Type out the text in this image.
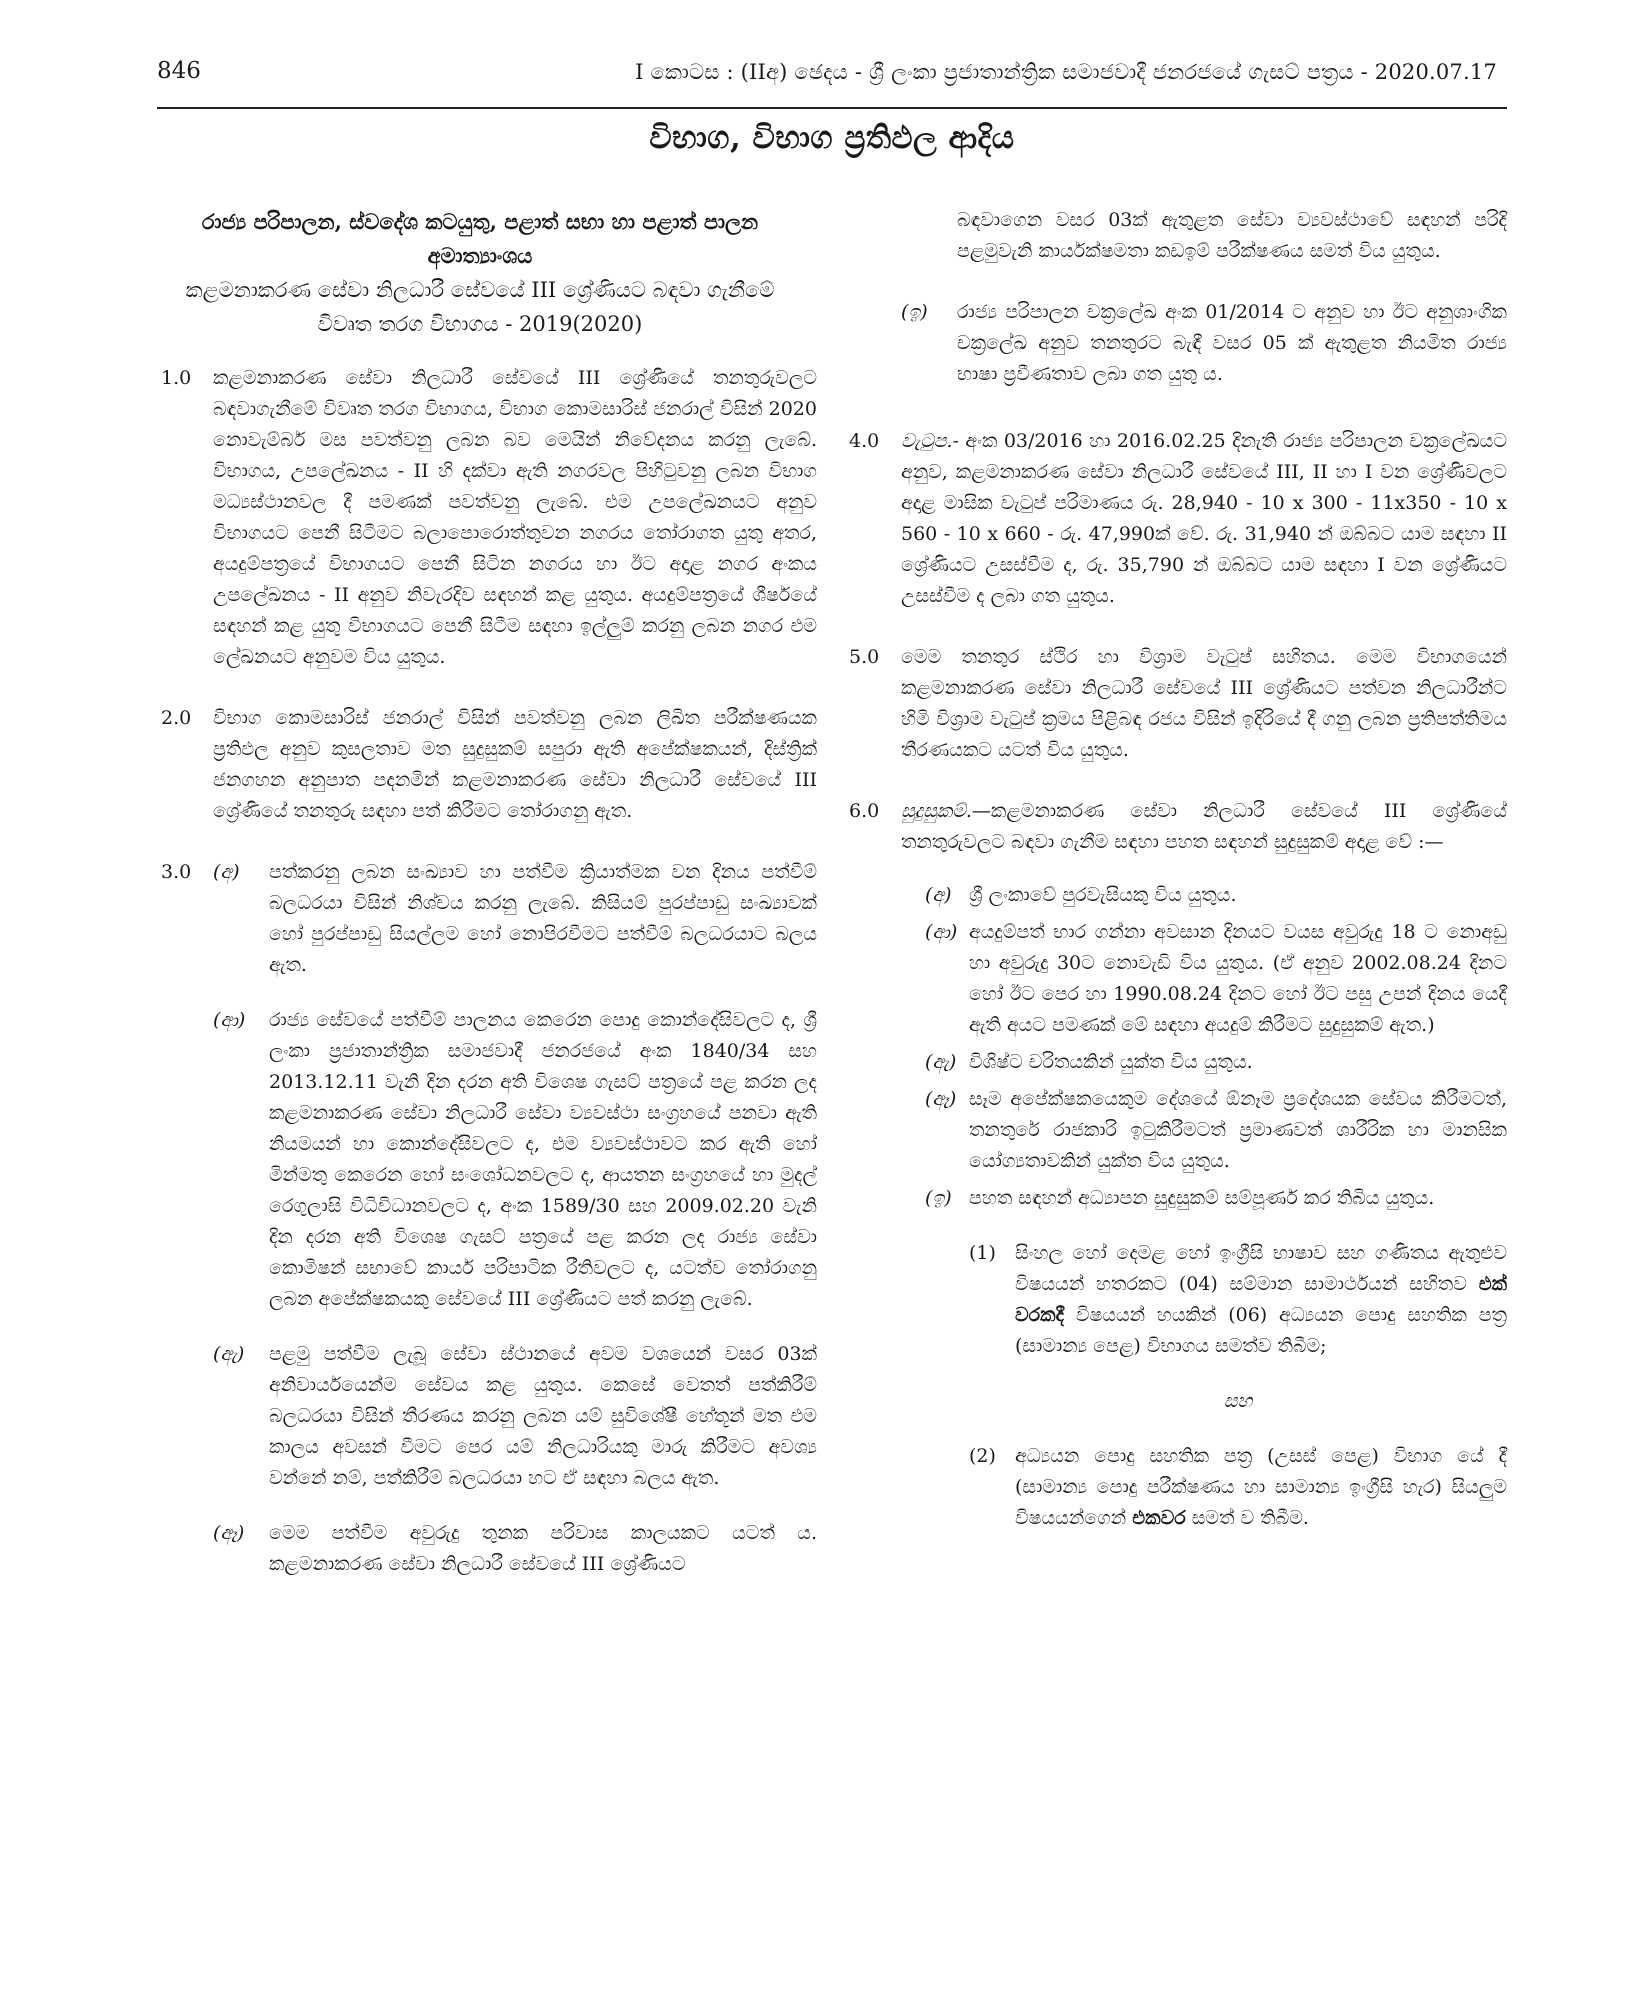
846	I කොටස : (IIඅ) ඡෙදය - ශ්‍රී ලංකා ප්‍රජාතාන්ත්‍රික සමාජවාදී ජනරජයේ ගැසට් පත්‍රය - 2020.07.17
විභාග, විභාග ප්‍රතිඵල ආදිය

රාජ්‍ය පරිපාලන, ස්වදේශ කටයුතු, පළාත් සභා හා පළාත් පාලන අමාත්‍යාංශය

කළමනාකරණ සේවා නිලධාරී සේවයේ III ශ්‍රේණියට බඳවා ගැනීමේ විවෘත තරග විභාගය - 2019(2020)

1.0 කළමනාකරණ සේවා නිලධාරී සේවයේ III ශ්‍රේණියේ තනතුරුවලට බඳවාගැනීමේ විවෘත තරග විභාගය, විභාග කොමසාරිස් ජනරාල් විසින් 2020 නොවැම්බර් මස පවත්වනු ලබන බව මෙයින් නිවේදනය කරනු ලැබේ. විභාගය, උපලේඛනය - II හි දක්වා ඇති නගරවල පිහිටුවනු ලබන විභාග මධ්‍යස්ථානවල දී පමණක් පවත්වනු ලැබේ. එම උපලේඛනයට අනුව විභාගයට පෙනී සිටීමට බලාපොරොත්තුවන නගරය තෝරාගත යුතු අතර, අයදුම්පත්‍රයේ විභාගයට පෙනී සිටින නගරය හා ඊට අදාළ නගර අංකය උපලේඛනය - II අනුව නිවැරදිව සඳහන් කළ යුතුය. අයදුම්පත්‍රයේ ශීර්ෂයේ සඳහන් කළ යුතු විභාගයට පෙනී සිටීම සඳහා ඉල්ලුම් කරනු ලබන නගර එම ලේඛනයට අනුවම විය යුතුය.

2.0 විභාග කොමසාරිස් ජනරාල් විසින් පවත්වනු ලබන ලිඛිත පරීක්ෂණයක ප්‍රතිඵල අනුව කුසලතාව මත සුදුසුකම් සපුරා ඇති අපේක්ෂකයන්, දිස්ත්‍රික් ජනගහන අනුපාත පදනමින් කළමනාකරණ සේවා නිලධාරී සේවයේ III ශ්‍රේණියේ තනතුරු සඳහා පත් කිරීමට තෝරාගනු ඇත.

3.0 (අ) පත්කරනු ලබන සංඛ්‍යාව හා පත්වීම ක්‍රියාත්මක වන දිනය පත්වීම් බලධරයා විසින් නිශ්චය කරනු ලැබේ. කිසියම් පුරප්පාඩු සංඛ්‍යාවක් හෝ පුරප්පාඩු සියල්ලම හෝ නොපිරවීමට පත්වීම් බලධරයාට බලය ඇත.

(ආ) රාජ්‍ය සේවයේ පත්වීම් පාලනය කෙරෙන පොදු කොන්දේසිවලට ද, ශ්‍රී ලංකා ප්‍රජාතාන්ත්‍රික සමාජවාදී ජනරජයේ අංක 1840/34 සහ 2013.12.11 වැනි දින දරන අති විශෙෂ ගැසට් පත්‍රයේ පළ කරන ලද කළමනාකරණ සේවා නිලධාරී සේවා ව්‍යවස්ථා සංග්‍රහයේ පනවා ඇති නියමයන් හා කොන්දේසිවලට ද, එම ව්‍යවස්ථාවට කර ඇති හෝ මින්මතු කෙරෙන හෝ සංශෝධනවලට ද, ආයතන සංග්‍රහයේ හා මුදල් රෙගුලාසි විධිවිධානවලට ද, අංක 1589/30 සහ 2009.02.20 වැනි දින දරන අති විශෙෂ ගැසට් පත්‍රයේ පළ කරන ලද රාජ්‍ය සේවා කොමිෂන් සභාවේ කාර්ය පරිපාටික රීතිවලට ද, යටත්ව තෝරාගනු ලබන අපේක්ෂකයකු සේවයේ III ශ්‍රේණියට පත් කරනු ලැබේ.

(ඇ) පළමු පත්වීම ලැබූ සේවා ස්ථානයේ අවම වශයෙන් වසර 03ක් අනිවාර්යයෙන්ම සේවය කළ යුතුය. කෙසේ වෙතත් පත්කිරීම් බලධරයා විසින් තීරණය කරනු ලබන යම් සුවිශේෂී හේතූන් මත එම කාලය අවසන් වීමට පෙර යම් නිලධාරියකු මාරු කිරීමට අවශ්‍ය වන්නේ නම්, පත්කිරීම් බලධරයා හට ඒ සඳහා බලය ඇත.

(ඈ) මෙම පත්වීම අවුරුදු තුනක පරිවාස කාලයකට යටත් ය. කළමනාකරණ සේවා නිලධාරී සේවයේ III ශ්‍රේණියට

බඳවාගෙන වසර 03ක් ඇතුළත සේවා ව්‍යවස්ථාවේ සඳහන් පරිදි පළමුවැනි කාර්යක්ෂමතා කඩඉම් පරීක්ෂණය සමත් විය යුතුය.

(ඉ) රාජ්‍ය පරිපාලන චක්‍රලේඛ අංක 01/2014 ට අනුව හා ඊට අනුශාංගික චක්‍රලේඛ අනුව තනතුරට බැඳී වසර 05 ක් ඇතුළත නියමිත රාජ්‍ය භාෂා ප්‍රවීණතාව ලබා ගත යුතු ය.

4.0 වැටුප.- අංක 03/2016 හා 2016.02.25 දිනැති රාජ්‍ය පරිපාලන චක්‍රලේඛයට අනුව, කළමනාකරණ සේවා නිලධාරී සේවයේ III, II හා I වන ශ්‍රේණිවලට අදාළ මාසික වැටුප් පරිමාණය රු. 28,940 - 10 x 300 - 11x350 - 10 x 560 - 10 x 660 - රු. 47,990ක් වේ. රු. 31,940 න් ඔබ්බට යාම සඳහා II ශ්‍රේණියට උසස්වීම ද, රු. 35,790 න් ඔබ්බට යාම සඳහා I වන ශ්‍රේණියට උසස්වීම ද ලබා ගත යුතුය.

5.0 මෙම තනතුර ස්ථිර හා විශ්‍රාම වැටුප් සහිතය. මෙම විභාගයෙන් කළමනාකරණ සේවා නිලධාරී සේවයේ III ශ්‍රේණියට පත්වන නිලධාරීන්ට හිමි විශ්‍රාම වැටුප් ක්‍රමය පිළිබඳ රජය විසින් ඉදිරියේ දී ගනු ලබන ප්‍රතිපත්තිමය තීරණයකට යටත් විය යුතුය.

6.0 සුදුසුකම්.—කළමනාකරණ සේවා නිලධාරී සේවයේ III ශ්‍රේණියේ තනතුරුවලට බඳවා ගැනීම සඳහා පහත සඳහන් සුදුසුකම් අදාළ වේ :—

(අ) ශ්‍රී ලංකාවේ පුරවැසියකු විය යුතුය.

(ආ) අයදුම්පත් භාර ගන්නා අවසාන දිනයට වයස අවුරුදු 18 ට නොඅඩු හා අවුරුදු 30ට නොවැඩි විය යුතුය. (ඒ අනුව 2002.08.24 දිනට හෝ ඊට පෙර හා 1990.08.24 දිනට හෝ ඊට පසු උපන් දිනය යෙදී ඇති අයට පමණක් මේ සඳහා අයදුම් කිරීමට සුදුසුකම් ඇත.)

(ඇ) විශිෂ්ට චරිතයකින් යුක්ත විය යුතුය.

(ඈ) සෑම අපේක්ෂකයෙකුම දේශයේ ඕනෑම ප්‍රදේශයක සේවය කිරීමටත්, තනතුරේ රාජකාරි ඉටුකිරීමටත් ප්‍රමාණවත් ශාරීරික හා මානසික යෝග්‍යතාවකින් යුක්ත විය යුතුය.

(ඉ) පහත සඳහන් අධ්‍යාපන සුදුසුකම් සම්පූර්ණ කර තිබිය යුතුය.

(1) සිංහල හෝ දෙමළ හෝ ඉංග්‍රීසි භාෂාව සහ ගණිතය ඇතුළුව විෂයයන් හතරකට (04) සම්මාන සාමාර්ථයන් සහිතව එක් වරකදී විෂයයන් හයකින් (06) අධ්‍යයන පොදු සහතික පත්‍ර (සාමාන්‍ය පෙළ) විභාගය සමත්ව තිබීම;

සහ

(2) අධ්‍යයන පොදු සහතික පත්‍ර (උසස් පෙළ) විභාග යේ දී (සාමාන්‍ය පොදු පරීක්ෂණය හා සාමාන්‍ය ඉංග්‍රීසි හැර) සියලුම විෂයයන්ගෙන් එකවර සමත් ව තිබීම.
